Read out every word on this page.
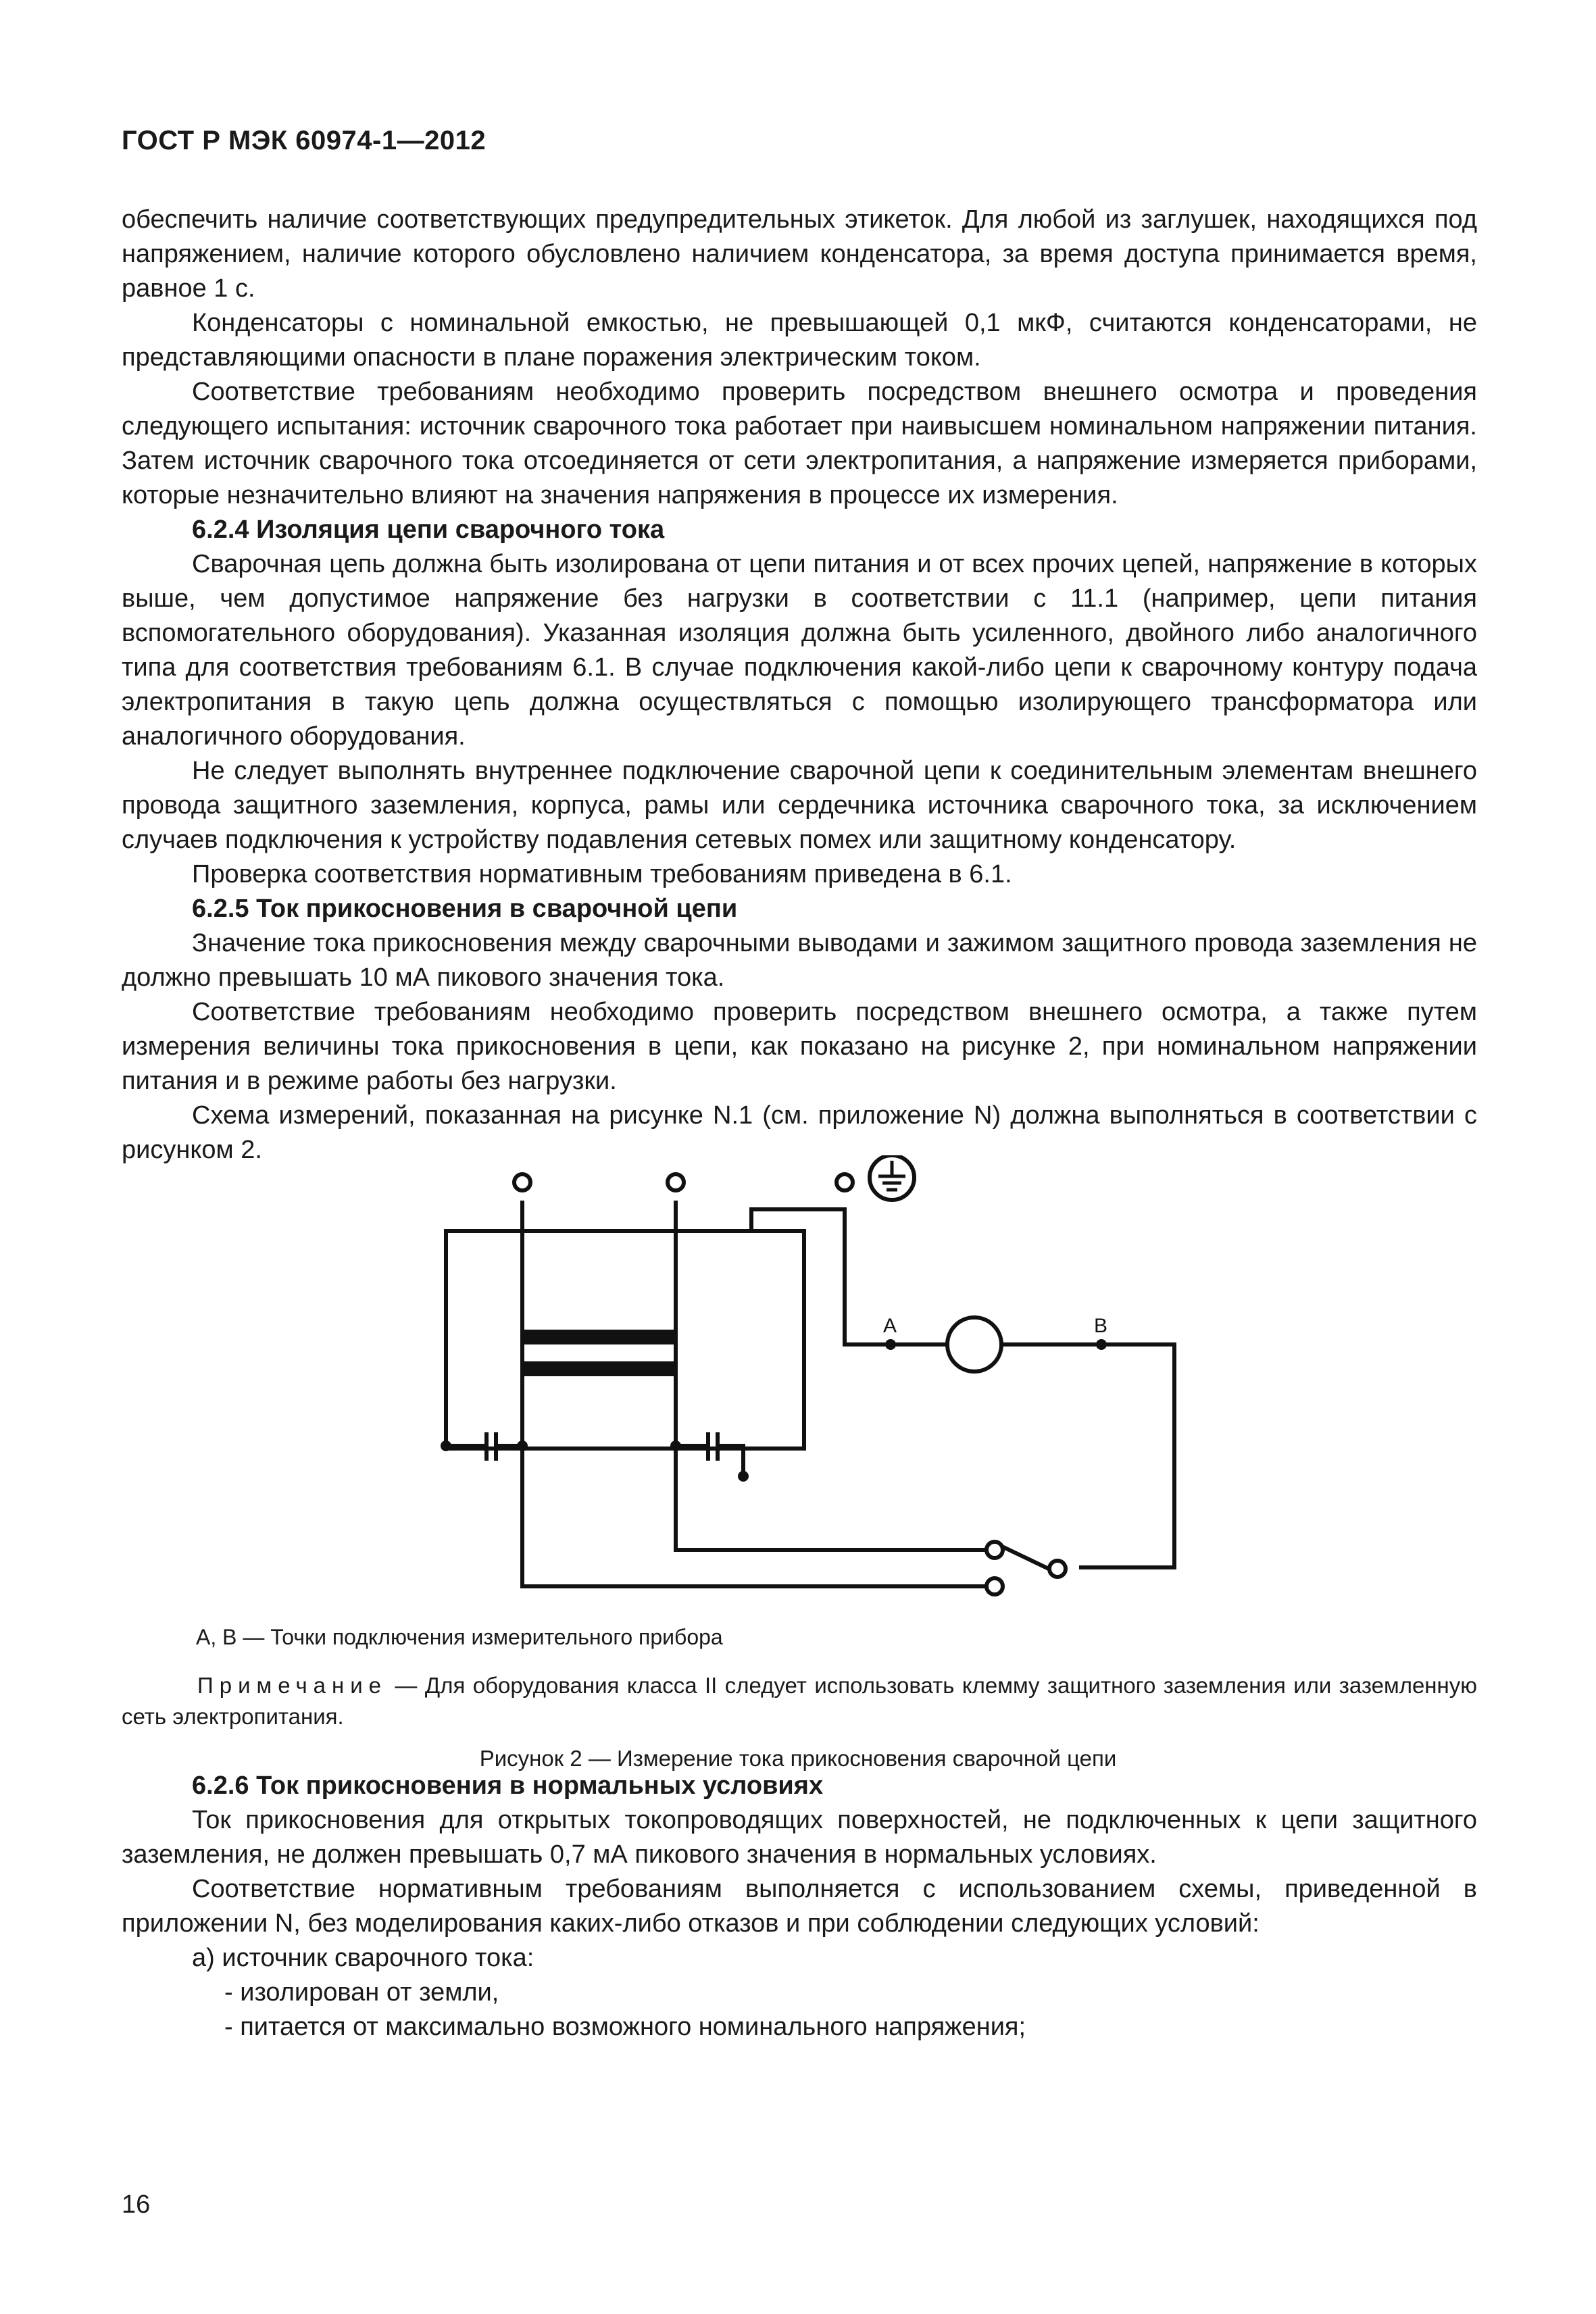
ГОСТ Р МЭК 60974-1—2012

обеспечить наличие соответствующих предупредительных этикеток. Для любой из заглушек, находящихся под напряжением, наличие которого обусловлено наличием конденсатора, за время доступа принимается время, равное 1 с.

Конденсаторы с номинальной емкостью, не превышающей 0,1 мкФ, считаются конденсаторами, не представляющими опасности в плане поражения электрическим током.

Соответствие требованиям необходимо проверить посредством внешнего осмотра и проведения следующего испытания: источник сварочного тока работает при наивысшем номинальном напряжении питания. Затем источник сварочного тока отсоединяется от сети электропитания, а напряжение измеряется приборами, которые незначительно влияют на значения напряжения в процессе их измерения.

6.2.4 Изоляция цепи сварочного тока

Сварочная цепь должна быть изолирована от цепи питания и от всех прочих цепей, напряжение в которых выше, чем допустимое напряжение без нагрузки в соответствии с 11.1 (например, цепи питания вспомогательного оборудования). Указанная изоляция должна быть усиленного, двойного либо аналогичного типа для соответствия требованиям 6.1. В случае подключения какой-либо цепи к сварочному контуру подача электропитания в такую цепь должна осуществляться с помощью изолирующего трансформатора или аналогичного оборудования.

Не следует выполнять внутреннее подключение сварочной цепи к соединительным элементам внешнего провода защитного заземления, корпуса, рамы или сердечника источника сварочного тока, за исключением случаев подключения к устройству подавления сетевых помех или защитному конденсатору.

Проверка соответствия нормативным требованиям приведена в 6.1.

6.2.5 Ток прикосновения в сварочной цепи

Значение тока прикосновения между сварочными выводами и зажимом защитного провода заземления не должно превышать 10 мА пикового значения тока.

Соответствие требованиям необходимо проверить посредством внешнего осмотра, а также путем измерения величины тока прикосновения в цепи, как показано на рисунке 2, при номинальном напряжении питания и в режиме работы без нагрузки.

Схема измерений, показанная на рисунке N.1 (см. приложение N) должна выполняться в соответствии с рисунком 2.

A	B
А, В — Точки подключения измерительного прибора
Примечание — Для оборудования класса II следует использовать клемму защитного заземления или заземленную сеть электропитания.
Рисунок 2 — Измерение тока прикосновения сварочной цепи
6.2.6 Ток прикосновения в нормальных условиях

Ток прикосновения для открытых токопроводящих поверхностей, не подключенных к цепи защитного заземления, не должен превышать 0,7 мА пикового значения в нормальных условиях.

Соответствие нормативным требованиям выполняется с использованием схемы, приведенной в приложении N, без моделирования каких-либо отказов и при соблюдении следующих условий:

а) источник сварочного тока:

- изолирован от земли,

- питается от максимально возможного номинального напряжения;

16
